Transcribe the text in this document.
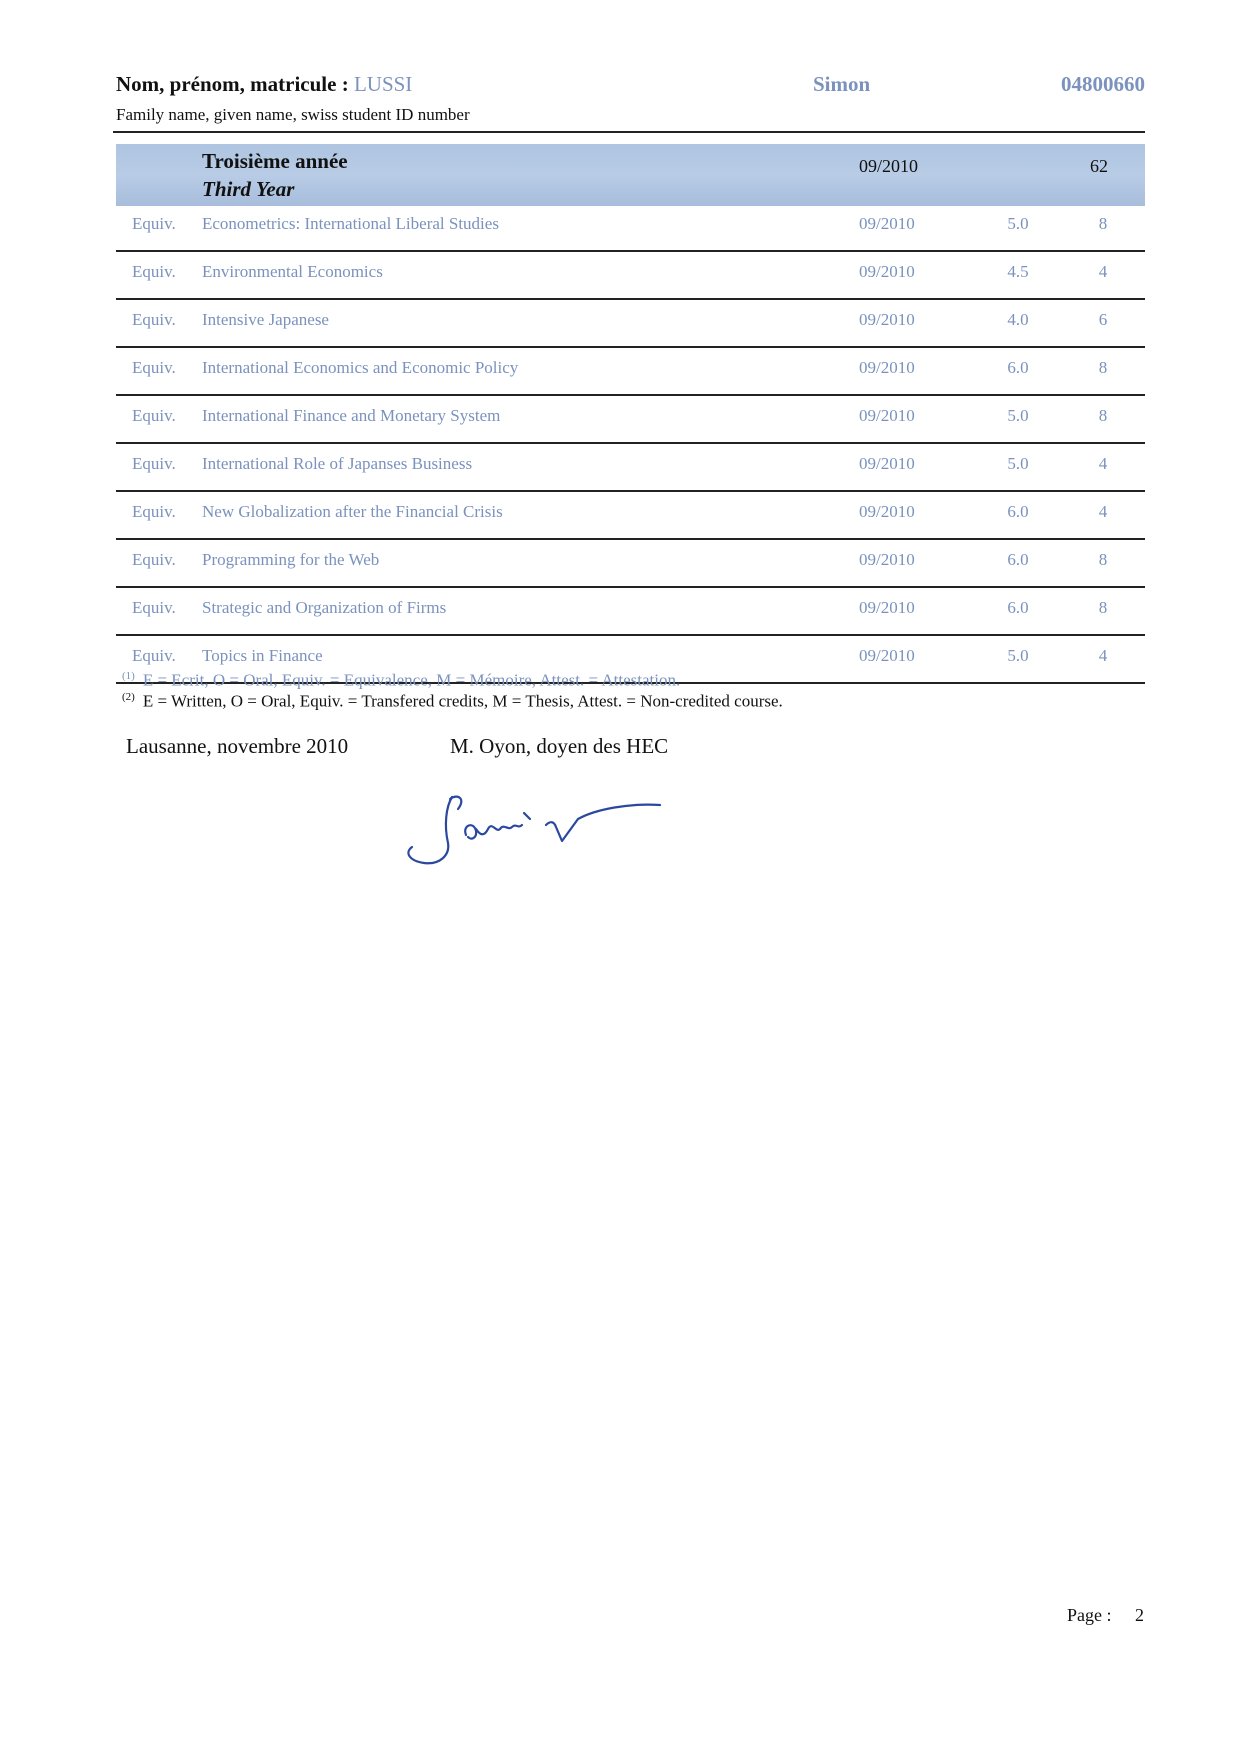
Nom, prénom, matricule : LUSSI	Simon	04800660
Family name, given name, swiss student ID number
Troisième année
Third Year
09/2010	62
Equiv. Econometrics: International Liberal Studies	09/2010	5.0	8
Equiv. Environmental Economics	09/2010	4.5	4
Equiv. Intensive Japanese	09/2010	4.0	6
Equiv. International Economics and Economic Policy	09/2010	6.0	8
Equiv. International Finance and Monetary System	09/2010	5.0	8
Equiv. International Role of Japanses Business	09/2010	5.0	4
Equiv. New Globalization after the Financial Crisis	09/2010	6.0	4
Equiv. Programming for the Web	09/2010	6.0	8
Equiv. Strategic and Organization of Firms	09/2010	6.0	8
Equiv. Topics in Finance	09/2010	5.0	4
$^{(1)}$ E = Ecrit, O = Oral, Equiv. = Equivalence, M = Mémoire, Attest. = Attestation.
$^{(2)}$ E = Written, O = Oral, Equiv. = Transfered credits, M = Thesis, Attest. = Non-credited course.
Lausanne, novembre 2010	M. Oyon, doyen des HEC
Page : 2
